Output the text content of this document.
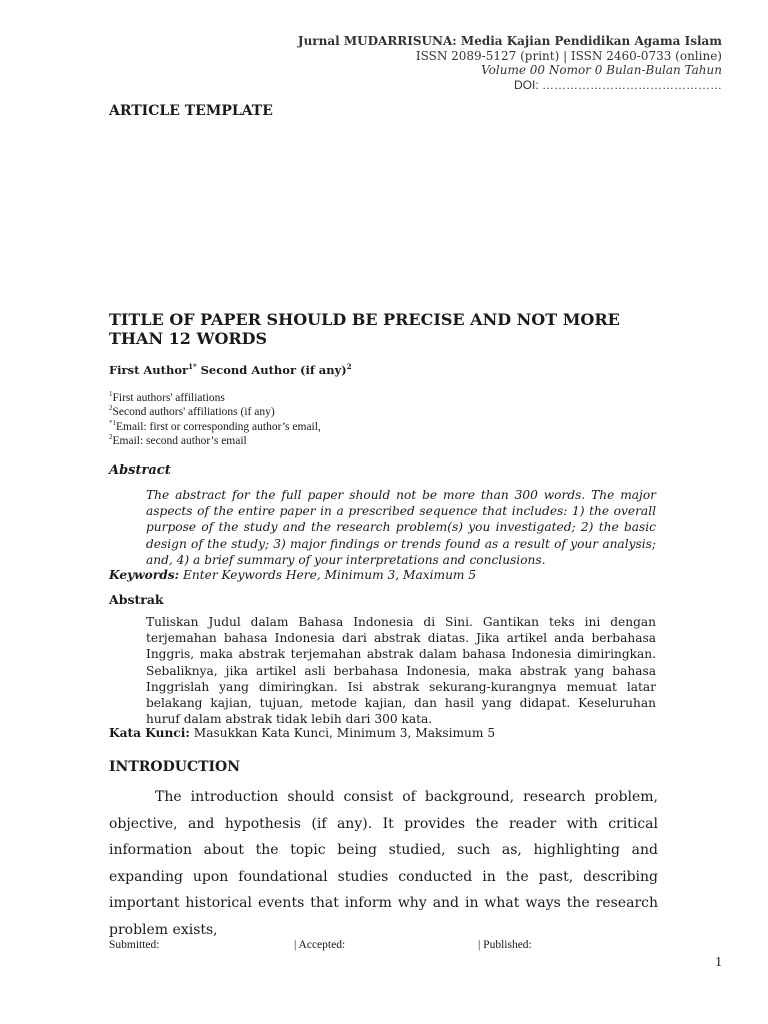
Jurnal MUDARRISUNA: Media Kajian Pendidikan Agama Islam
ISSN 2089-5127 (print) | ISSN 2460-0733 (online)
Volume 00 Nomor 0 Bulan-Bulan Tahun
DOI: ………………………………………
ARTICLE TEMPLATE
TITLE OF PAPER SHOULD BE PRECISE AND NOT MORE THAN 12 WORDS
First Author$^{1*}$ Second Author (if any)$^2$
$^1$First authors' affiliations
$^2$Second authors' affiliations (if any)
$^{*1}$Email: first or corresponding author’s email,
$^2$Email: second author’s email
Abstract
The abstract for the full paper should not be more than 300 words. The major aspects of the entire paper in a prescribed sequence that includes: 1) the overall purpose of the study and the research problem(s) you investigated; 2) the basic design of the study; 3) major findings or trends found as a result of your analysis; and, 4) a brief summary of your interpretations and conclusions.
Keywords: Enter Keywords Here, Minimum 3, Maximum 5
Abstrak
Tuliskan Judul dalam Bahasa Indonesia di Sini. Gantikan teks ini dengan terjemahan bahasa Indonesia dari abstrak diatas. Jika artikel anda berbahasa Inggris, maka abstrak terjemahan abstrak dalam bahasa Indonesia dimiringkan. Sebaliknya, jika artikel asli berbahasa Indonesia, maka abstrak yang bahasa Inggrislah yang dimiringkan. Isi abstrak sekurang-kurangnya memuat latar belakang kajian, tujuan, metode kajian, dan hasil yang didapat. Keseluruhan huruf dalam abstrak tidak lebih dari 300 kata.
Kata Kunci: Masukkan Kata Kunci, Minimum 3, Maksimum 5
INTRODUCTION
The introduction should consist of background, research problem, objective, and hypothesis (if any). It provides the reader with critical information about the topic being studied, such as, highlighting and expanding upon foundational studies conducted in the past, describing important historical events that inform why and in what ways the research problem exists,
Submitted:	| Accepted:	| Published:
1
